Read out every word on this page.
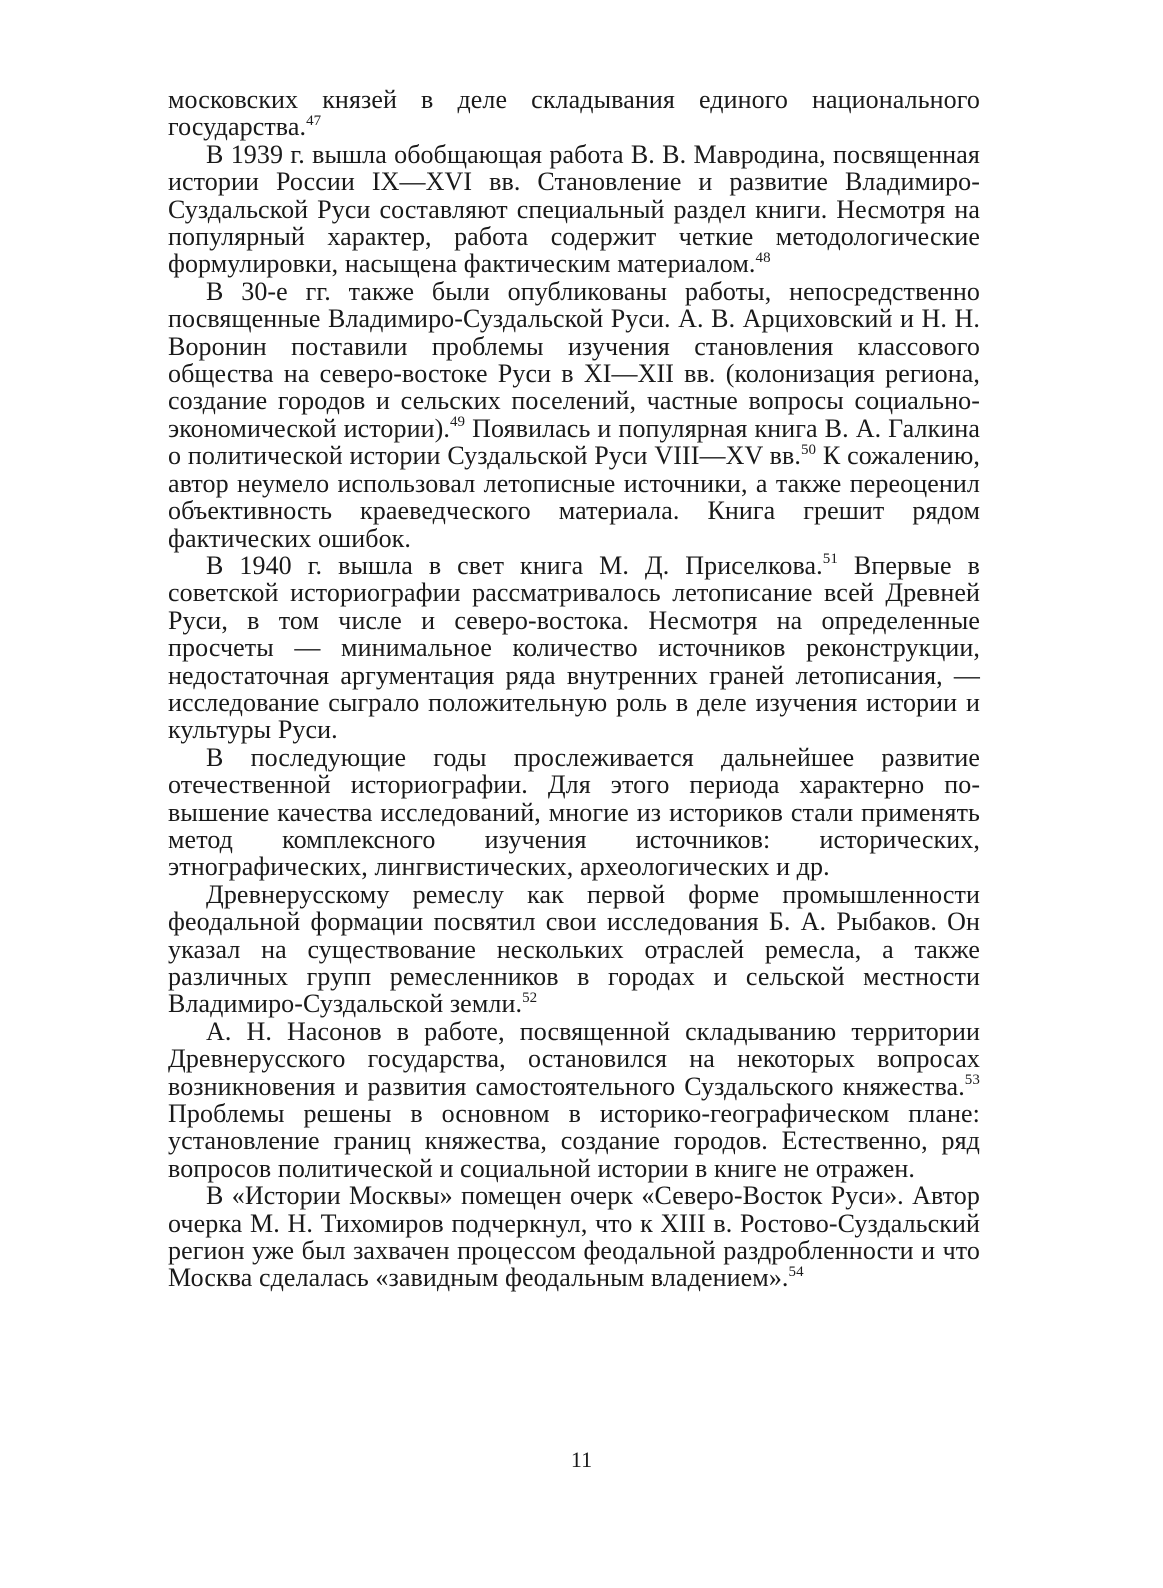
московских князей в деле складывания единого национального государства.$^{47}$

В 1939 г. вышла обобщающая работа В. В. Мавродина, посвященная истории России IX—XVI вв. Становление и развитие Владимиро-Суздальской Руси составляют специальный раздел книги. Несмотря на популярный характер, работа содержит четкие методологические формулировки, насыщена фактическим материалом.$^{48}$

В 30-е гг. также были опубликованы работы, непосредственно посвященные Владимиро-Суздальской Руси. А. В. Арциховский и Н. Н. Воронин поставили проблемы изучения становления классового общества на северо-востоке Руси в XI—XII вв. (колонизация региона, создание городов и сельских поселений, частные вопросы социально-экономической истории).$^{49}$ Появилась и популярная книга В. А. Галкина о политической истории Суздальской Руси VIII—XV вв.$^{50}$ К сожалению, автор неумело использовал летописные источники, а также переоценил объективность краеведческого материала. Книга грешит рядом фактических ошибок.

В 1940 г. вышла в свет книга М. Д. Приселкова.$^{51}$ Впервые в советской историографии рассматривалось летописание всей Древней Руси, в том числе и северо-востока. Несмотря на определенные просчеты — минимальное количество источников реконструкции, недостаточная аргументация ряда внутренних граней летописания, — исследование сыграло положительную роль в деле изучения истории и культуры Руси.

В последующие годы прослеживается дальнейшее развитие отечественной историографии. Для этого периода характерно повышение качества исследований, многие из историков стали применять метод комплексного изучения источников: исторических, этнографических, лингвистических, археологических и др.

Древнерусскому ремеслу как первой форме промышленности феодальной формации посвятил свои исследования Б. А. Рыбаков. Он указал на существование нескольких отраслей ремесла, а также различных групп ремесленников в городах и сельской местности Владимиро-Суздальской земли.$^{52}$

А. Н. Насонов в работе, посвященной складыванию территории Древнерусского государства, остановился на некоторых вопросах возникновения и развития самостоятельного Суздальского княжества.$^{53}$ Проблемы решены в основном в историко-географическом плане: установление границ княжества, создание городов. Естественно, ряд вопросов политической и социальной истории в книге не отражен.

В «Истории Москвы» помещен очерк «Северо-Восток Руси». Автор очерка М. Н. Тихомиров подчеркнул, что к XIII в. Ростово-Суздальский регион уже был захвачен процессом феодальной раздробленности и что Москва сделалась «завидным феодальным владением».$^{54}$

11
